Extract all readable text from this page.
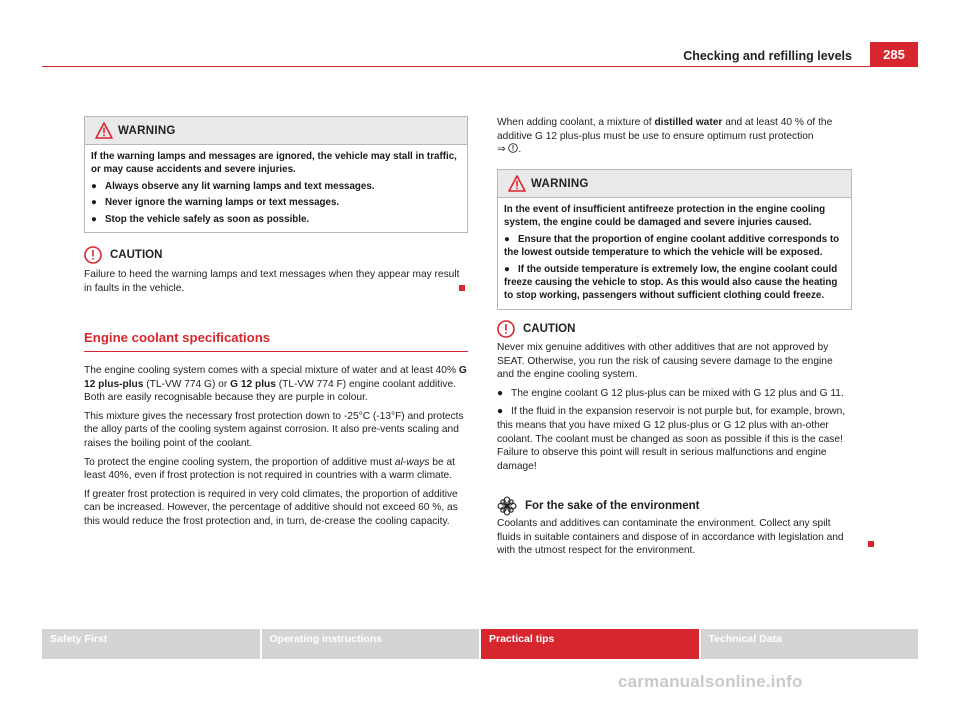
Checking and refilling levels	285
WARNING
If the warning lamps and messages are ignored, the vehicle may stall in traffic, or may cause accidents and severe injuries.
● Always observe any lit warning lamps and text messages.
● Never ignore the warning lamps or text messages.
● Stop the vehicle safely as soon as possible.
CAUTION

Failure to heed the warning lamps and text messages when they appear may result in faults in the vehicle.

Engine coolant specifications

The engine cooling system comes with a special mixture of water and at least 40% G 12 plus-plus (TL-VW 774 G) or G 12 plus (TL-VW 774 F) engine coolant additive. Both are easily recognisable because they are purple in colour.

This mixture gives the necessary frost protection down to -25°C (-13°F) and protects the alloy parts of the cooling system against corrosion. It also pre-vents scaling and raises the boiling point of the coolant.

To protect the engine cooling system, the proportion of additive must al-ways be at least 40%, even if frost protection is not required in countries with a warm climate.

If greater frost protection is required in very cold climates, the proportion of additive can be increased. However, the percentage of additive should not exceed 60 %, as this would reduce the frost protection and, in turn, de-crease the cooling capacity.

When adding coolant, a mixture of distilled water and at least 40 % of the additive G 12 plus-plus must be use to ensure optimum rust protection
⇒ .

WARNING
In the event of insufficient antifreeze protection in the engine cooling system, the engine could be damaged and severe injuries caused.
● Ensure that the proportion of engine coolant additive corresponds to the lowest outside temperature to which the vehicle will be exposed.
● If the outside temperature is extremely low, the engine coolant could freeze causing the vehicle to stop. As this would also cause the heating to stop working, passengers without sufficient clothing could freeze.
CAUTION

Never mix genuine additives with other additives that are not approved by SEAT. Otherwise, you run the risk of causing severe damage to the engine and the engine cooling system.

● The engine coolant G 12 plus-plus can be mixed with G 12 plus and G 11.

● If the fluid in the expansion reservoir is not purple but, for example, brown, this means that you have mixed G 12 plus-plus or G 12 plus with an-other coolant. The coolant must be changed as soon as possible if this is the case! Failure to observe this point will result in serious malfunctions and engine damage!

For the sake of the environment

Coolants and additives can contaminate the environment. Collect any spilt fluids in suitable containers and dispose of in accordance with legislation and with the utmost respect for the environment.

Safety First	Operating instructions	Practical tips	Technical Data
carmanualsonline.info
